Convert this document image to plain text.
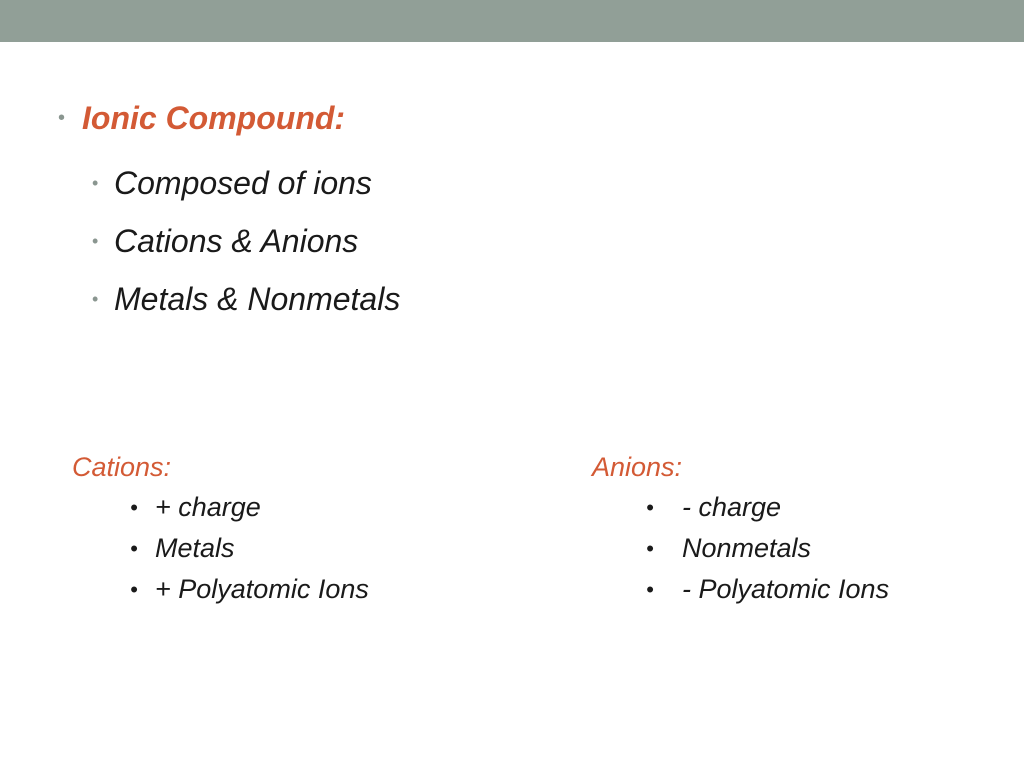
• Ionic Compound:
• Composed of ions
• Cations & Anions
• Metals & Nonmetals
Cations:
• + charge
• Metals
• + Polyatomic Ions
Anions:
• - charge
• Nonmetals
• - Polyatomic Ions
